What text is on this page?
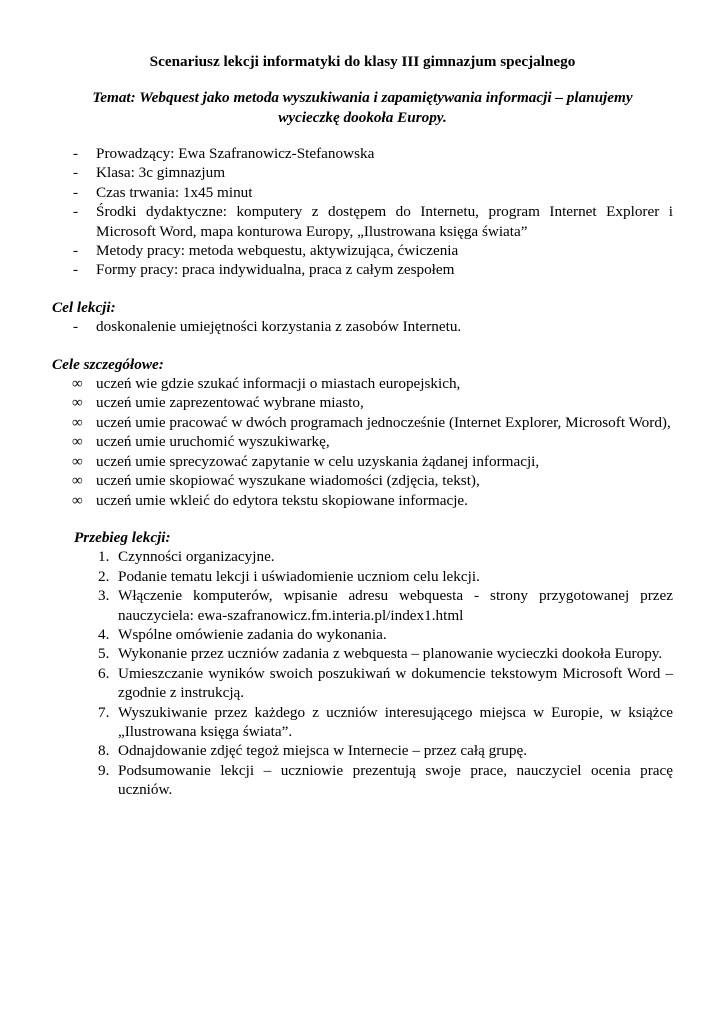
Scenariusz lekcji informatyki do klasy III gimnazjum specjalnego

Temat: Webquest jako metoda wyszukiwania i zapamiętywania informacji – planujemy wycieczkę dookoła Europy.

- Prowadzący: Ewa Szafranowicz-Stefanowska
- Klasa: 3c gimnazjum
- Czas trwania: 1x45 minut
- Środki dydaktyczne: komputery z dostępem do Internetu, program Internet Explorer i Microsoft Word, mapa konturowa Europy, „Ilustrowana księga świata”
- Metody pracy: metoda webquestu, aktywizująca, ćwiczenia
- Formy pracy: praca indywidualna, praca z całym zespołem

Cel lekcji:

- doskonalenie umiejętności korzystania z zasobów Internetu.

Cele szczegółowe:

∞ uczeń wie gdzie szukać informacji o miastach europejskich,
∞ uczeń umie zaprezentować wybrane miasto,
∞ uczeń umie pracować w dwóch programach jednocześnie (Internet Explorer, Microsoft Word),
∞ uczeń umie uruchomić wyszukiwarkę,
∞ uczeń umie sprecyzować zapytanie w celu uzyskania żądanej informacji,
∞ uczeń umie skopiować wyszukane wiadomości (zdjęcia, tekst),
∞ uczeń umie wkleić do edytora tekstu skopiowane informacje.

Przebieg lekcji:

1. Czynności organizacyjne.
2. Podanie tematu lekcji i uświadomienie uczniom celu lekcji.
3. Włączenie komputerów, wpisanie adresu webquesta - strony przygotowanej przez nauczyciela: ewa-szafranowicz.fm.interia.pl/index1.html
4. Wspólne omówienie zadania do wykonania.
5. Wykonanie przez uczniów zadania z webquesta – planowanie wycieczki dookoła Europy.
6. Umieszczanie wyników swoich poszukiwań w dokumencie tekstowym Microsoft Word – zgodnie z instrukcją.
7. Wyszukiwanie przez każdego z uczniów interesującego miejsca w Europie, w książce „Ilustrowana księga świata”.
8. Odnajdowanie zdjęć tegoż miejsca w Internecie – przez całą grupę.
9. Podsumowanie lekcji – uczniowie prezentują swoje prace, nauczyciel ocenia pracę uczniów.
